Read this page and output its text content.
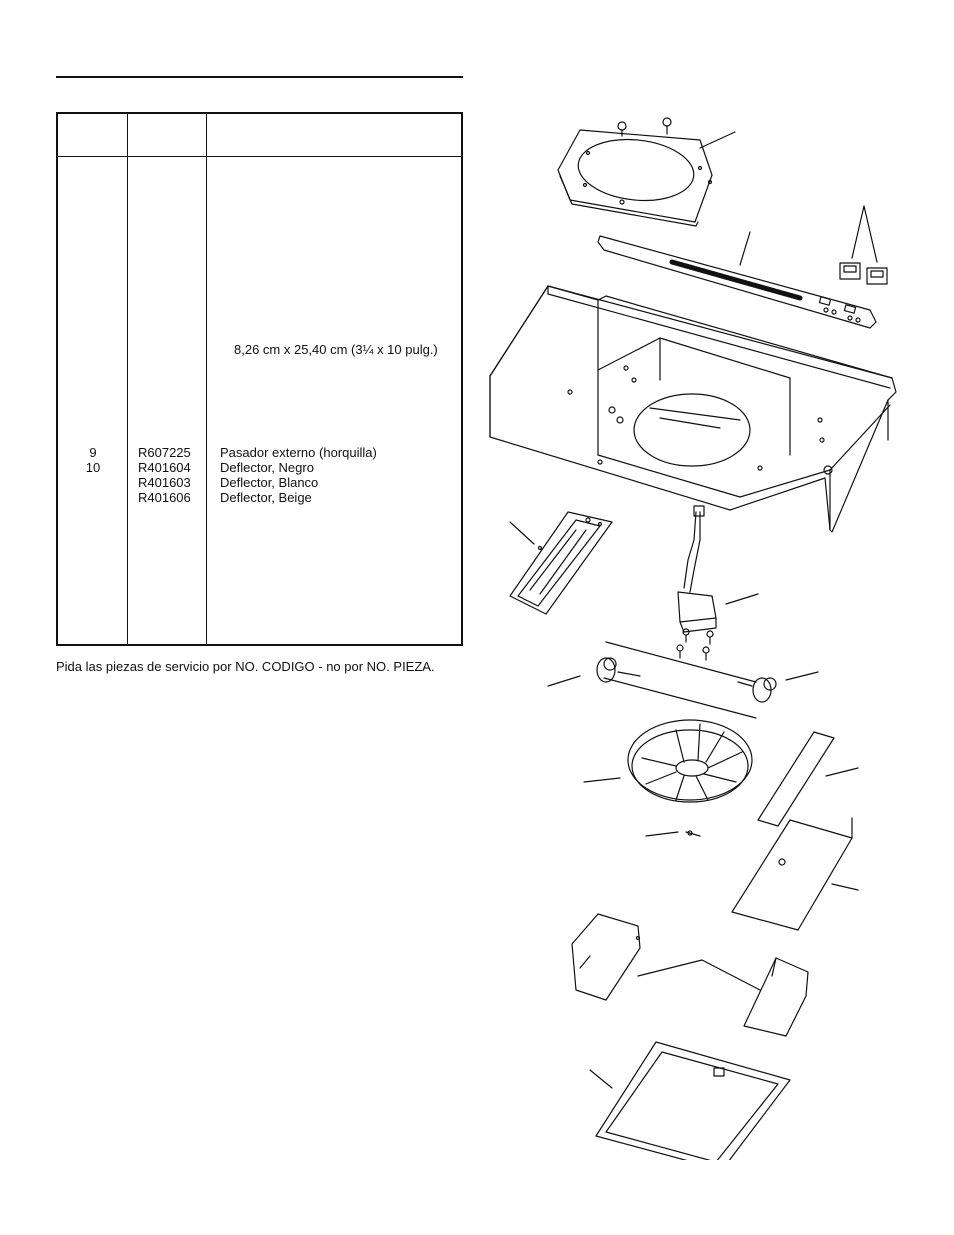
8,26 cm x 25,40 cm (3¼ x 10 pulg.)
9	R607225 Pasador externo (horquilla)
10	R401604 Deflector, Negro
R401603 Deflector, Blanco
R401606 Deflector, Beige
Pida las piezas de servicio por NO. CODIGO - no por NO. PIEZA.
